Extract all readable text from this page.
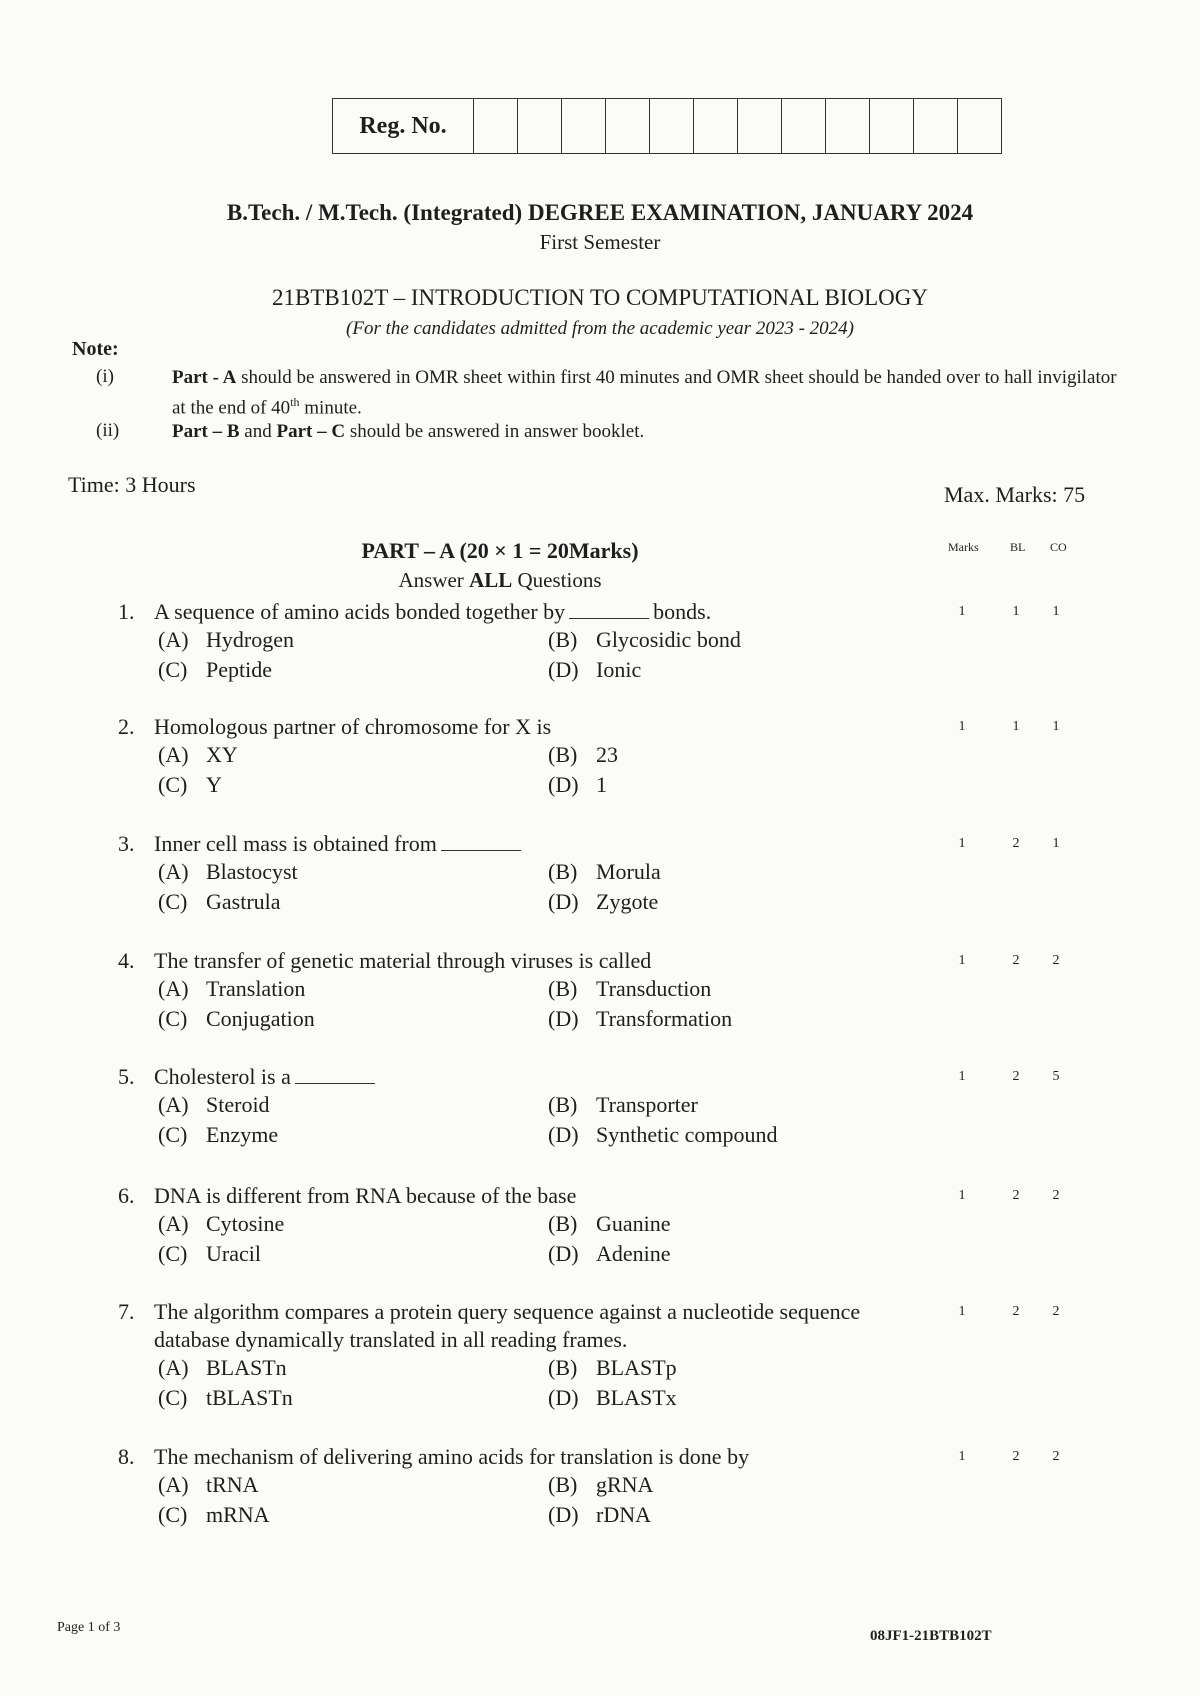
Reg. No.
B.Tech. / M.Tech. (Integrated) DEGREE EXAMINATION, JANUARY 2024
First Semester
21BTB102T – INTRODUCTION TO COMPUTATIONAL BIOLOGY
(For the candidates admitted from the academic year 2023 - 2024)
Note:
(i)	Part - A should be answered in OMR sheet within first 40 minutes and OMR sheet should be handed over to hall invigilator at the end of 40th minute.
(ii)	Part – B and Part – C should be answered in answer booklet.
Time: 3 Hours	Max. Marks: 75
PART – A (20 × 1 = 20Marks)
Answer ALL Questions
Marks	BL CO
1. A sequence of amino acids bonded together by	bonds.
(A) Hydrogen	(B) Glycosidic bond
(C) Peptide	(D) Ionic
1	1	1
2. Homologous partner of chromosome for X is
(A) XY	(B) 23
(C) Y	(D) 1
1	1	1
3. Inner cell mass is obtained from
(A) Blastocyst	(B) Morula
(C) Gastrula	(D) Zygote
1	2	1
4. The transfer of genetic material through viruses is called
(A) Translation	(B) Transduction
(C) Conjugation	(D) Transformation
1	2	2
5. Cholesterol is a
(A) Steroid	(B) Transporter
(C) Enzyme	(D) Synthetic compound
1	2	5
6. DNA is different from RNA because of the base
(A) Cytosine	(B) Guanine
(C) Uracil	(D) Adenine
1	2	2
7. The algorithm compares a protein query sequence against a nucleotide sequence database dynamically translated in all reading frames.
(A) BLASTn	(B) BLASTp
(C) tBLASTn	(D) BLASTx
1	2	2
8. The mechanism of delivering amino acids for translation is done by
(A) tRNA	(B) gRNA
(C) mRNA	(D) rDNA
1	2	2
Page 1 of 3
08JF1-21BTB102T
